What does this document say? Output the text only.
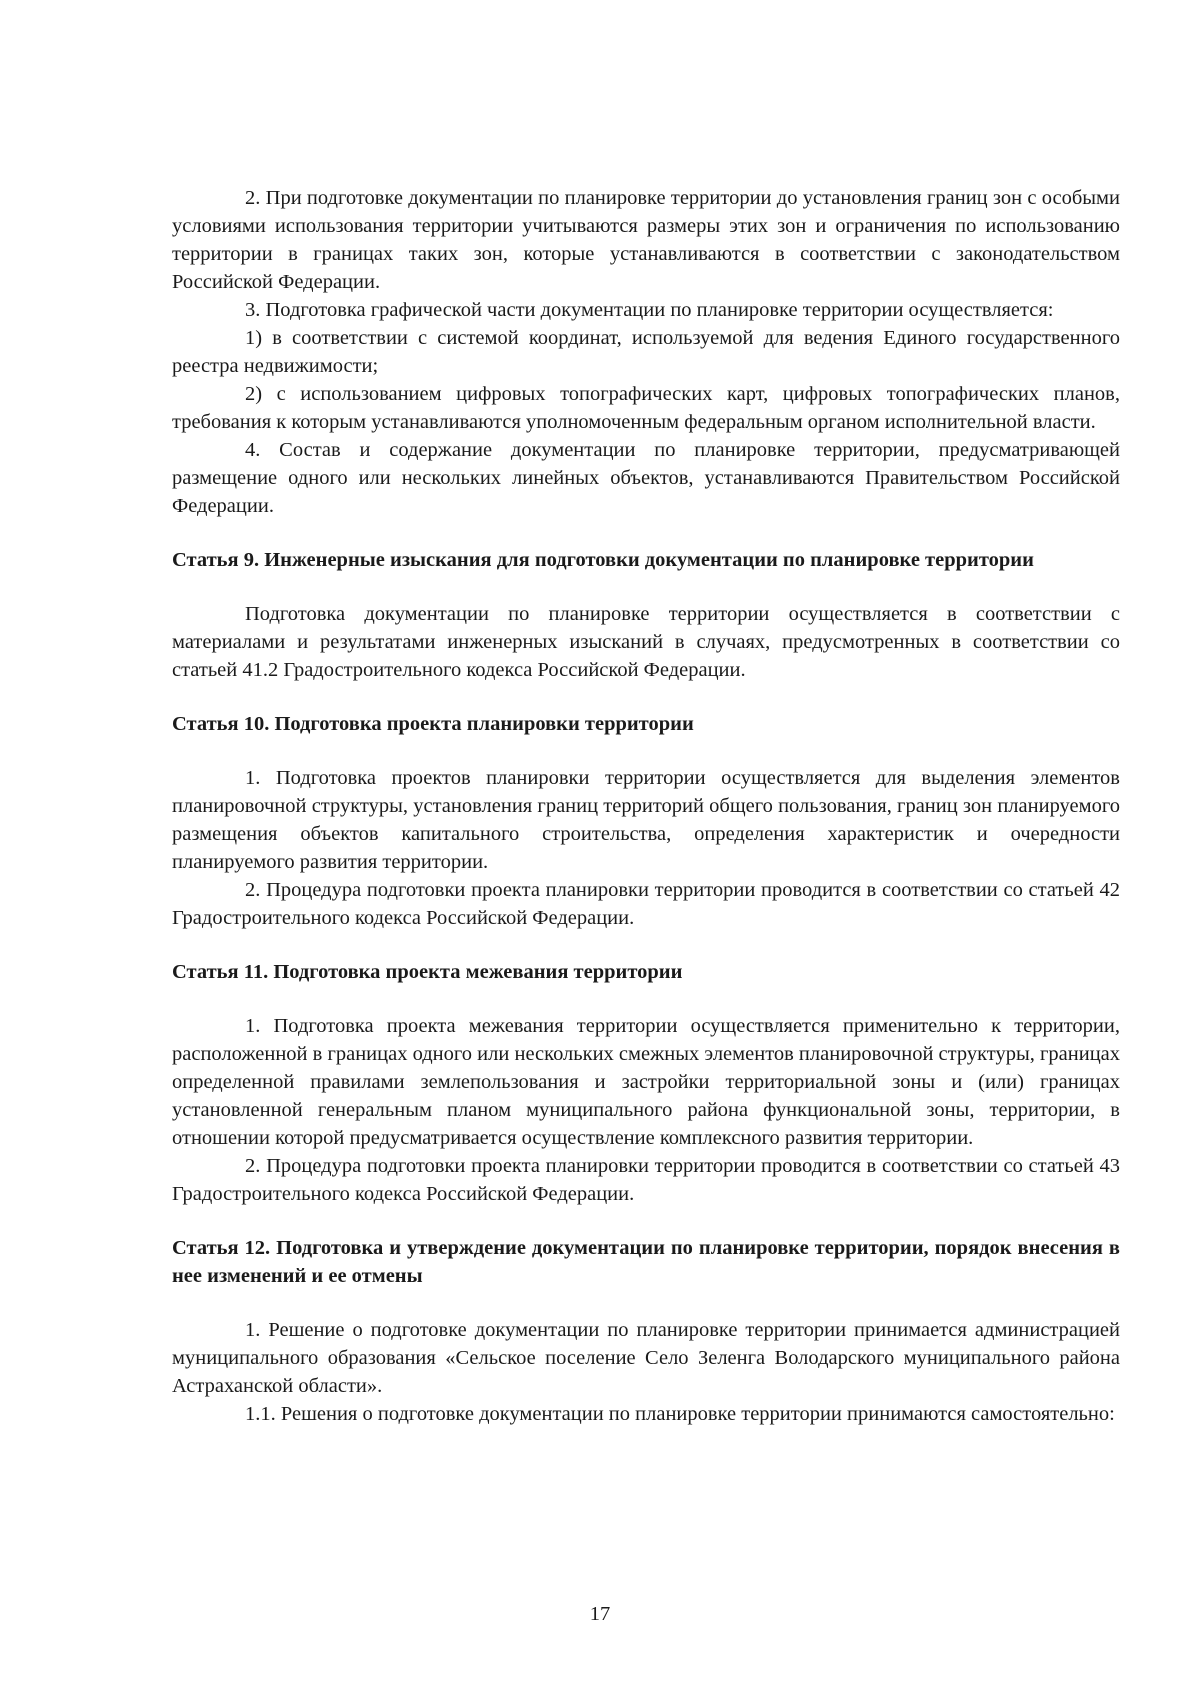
2. При подготовке документации по планировке территории до установления границ зон с особыми условиями использования территории учитываются размеры этих зон и ограничения по использованию территории в границах таких зон, которые устанавливаются в соответствии с законодательством Российской Федерации.

3. Подготовка графической части документации по планировке территории осуществляется:

1) в соответствии с системой координат, используемой для ведения Единого государственного реестра недвижимости;

2) с использованием цифровых топографических карт, цифровых топографических планов, требования к которым устанавливаются уполномоченным федеральным органом исполнительной власти.

4. Состав и содержание документации по планировке территории, предусматривающей размещение одного или нескольких линейных объектов, устанавливаются Правительством Российской Федерации.

Статья 9. Инженерные изыскания для подготовки документации по планировке территории

Подготовка документации по планировке территории осуществляется в соответствии с материалами и результатами инженерных изысканий в случаях, предусмотренных в соответствии со статьей 41.2 Градостроительного кодекса Российской Федерации.

Статья 10. Подготовка проекта планировки территории

1. Подготовка проектов планировки территории осуществляется для выделения элементов планировочной структуры, установления границ территорий общего пользования, границ зон планируемого размещения объектов капитального строительства, определения характеристик и очередности планируемого развития территории.

2. Процедура подготовки проекта планировки территории проводится в соответствии со статьей 42 Градостроительного кодекса Российской Федерации.

Статья 11. Подготовка проекта межевания территории

1. Подготовка проекта межевания территории осуществляется применительно к территории, расположенной в границах одного или нескольких смежных элементов планировочной структуры, границах определенной правилами землепользования и застройки территориальной зоны и (или) границах установленной генеральным планом муниципального района функциональной зоны, территории, в отношении которой предусматривается осуществление комплексного развития территории.

2. Процедура подготовки проекта планировки территории проводится в соответствии со статьей 43 Градостроительного кодекса Российской Федерации.

Статья 12. Подготовка и утверждение документации по планировке территории, порядок внесения в нее изменений и ее отмены

1. Решение о подготовке документации по планировке территории принимается администрацией муниципального образования «Сельское поселение Село Зеленга Володарского муниципального района Астраханской области».

1.1. Решения о подготовке документации по планировке территории принимаются самостоятельно:

17
